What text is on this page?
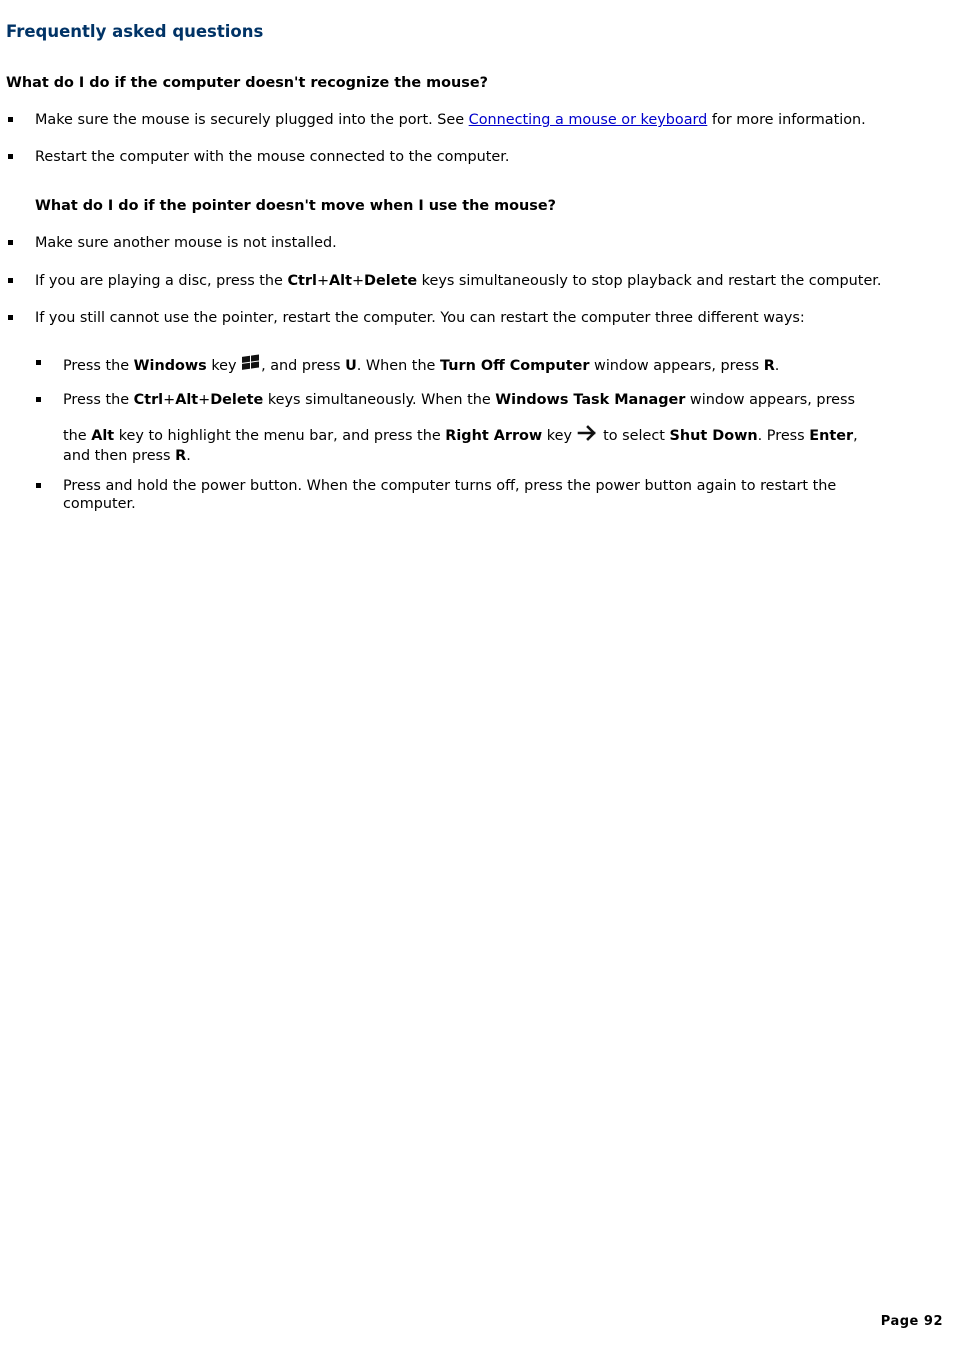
Frequently asked questions

What do I do if the computer doesn't recognize the mouse?

Make sure the mouse is securely plugged into the port. See Connecting a mouse or keyboard for more information.

Restart the computer with the mouse connected to the computer.

What do I do if the pointer doesn't move when I use the mouse?

Make sure another mouse is not installed.

If you are playing a disc, press the Ctrl+Alt+Delete keys simultaneously to stop playback and restart the computer.

If you still cannot use the pointer, restart the computer. You can restart the computer three different ways:

Press the Windows key , and press U. When the Turn Off Computer window appears, press R.

Press the Ctrl+Alt+Delete keys simultaneously. When the Windows Task Manager window appears, press

the Alt key to highlight the menu bar, and press the Right Arrow key  to select Shut Down. Press Enter,
and then press R.

Press and hold the power button. When the computer turns off, press the power button again to restart the computer.

Page 92
